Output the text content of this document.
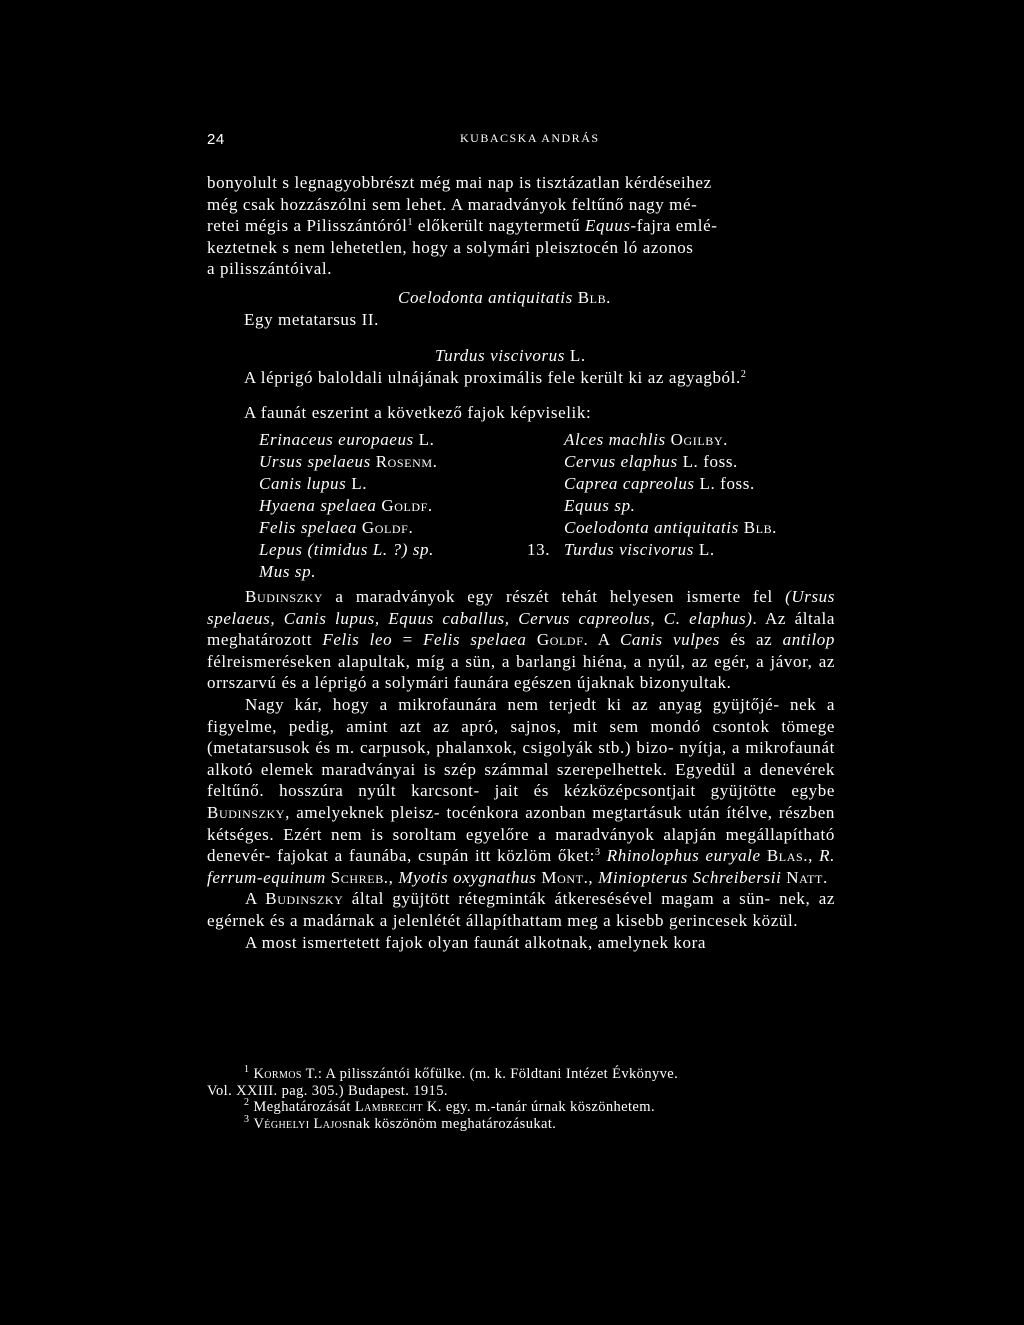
24	KUBACSKA ANDRÁS
bonyolult s legnagyobbrészt még mai nap is tisztázatlan kérdéseihez
még csak hozzászólni sem lehet. A maradványok feltűnő nagy mé-
retei mégis a Pilisszántóról$^1$ előkerült nagytermetű Equus-fajra emlé-
keztetnek s nem lehetetlen, hogy a solymári pleisztocén ló azonos
a pilisszántóival.
Coelodonta antiquitatis Blb.
Egy metatarsus II.
Turdus viscivorus L.
A léprigó baloldali ulnájának proximális fele került ki az agyagból.$^2$
A faunát eszerint a következő fajok képviselik:
Erinaceus europaeus L.
Ursus spelaeus Rosenm.
Canis lupus L.
Hyaena spelaea Goldf.
Felis spelaea Goldf.
Lepus (timidus L. ?) sp.
Mus sp.
Alces machlis Ogilby.
Cervus elaphus L. foss.
Caprea capreolus L. foss.
Equus sp.
Coelodonta antiquitatis Blb.
13. Turdus viscivorus L.

Budinszky a maradványok egy részét tehát helyesen ismerte fel (Ursus spelaeus, Canis lupus, Equus caballus, Cervus capreolus, C. elaphus). Az általa meghatározott Felis leo = Felis spelaea Goldf. A Canis vulpes és az antilop félreismeréseken alapultak, míg a sün, a barlangi hiéna, a nyúl, az egér, a jávor, az orrszarvú és a léprigó a solymári faunára egészen újaknak bizonyultak.

Nagy kár, hogy a mikrofaunára nem terjedt ki az anyag gyüjtőjé- nek a figyelme, pedig, amint azt az apró, sajnos, mit sem mondó csontok tömege (metatarsusok és m. carpusok, phalanxok, csigolyák stb.) bizo- nyítja, a mikrofaunát alkotó elemek maradványai is szép számmal szerepelhettek. Egyedül a denevérek feltűnő. hosszúra nyúlt karcsont- jait és kézközépcsontjait gyüjtötte egybe Budinszky, amelyeknek pleisz- tocénkora azonban megtartásuk után ítélve, részben kétséges. Ezért nem is soroltam egyelőre a maradványok alapján megállapítható denevér- fajokat a faunába, csupán itt közlöm őket:$^3$ Rhinolophus euryale Blas., R. ferrum-equinum Schreb., Myotis oxygnathus Mont., Miniopterus Schreibersii Natt.

A Budinszky által gyüjtött rétegminták átkeresésével magam a sün- nek, az egérnek és a madárnak a jelenlétét állapíthattam meg a kisebb gerincesek közül.

A most ismertetett fajok olyan faunát alkotnak, amelynek kora

$^1$ Kormos T.: A pilisszántói kőfülke. (m. k. Földtani Intézet Évkönyve.
Vol. XXIII. pag. 305.) Budapest. 1915.
$^2$ Meghatározását Lambrecht K. egy. m.-tanár úrnak köszönhetem.
$^3$ Véghelyi Lajosnak köszönöm meghatározásukat.
